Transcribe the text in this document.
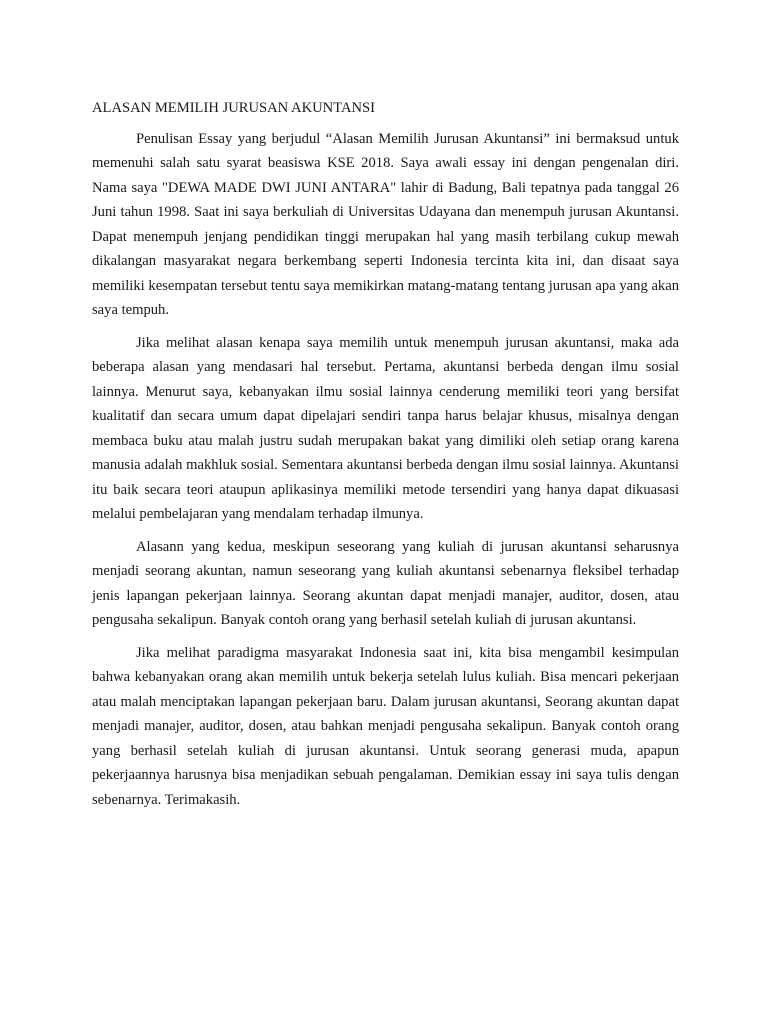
ALASAN MEMILIH JURUSAN AKUNTANSI

Penulisan Essay yang berjudul “Alasan Memilih Jurusan Akuntansi” ini bermaksud untuk memenuhi salah satu syarat beasiswa KSE 2018. Saya awali essay ini dengan pengenalan diri. Nama saya "DEWA MADE DWI JUNI ANTARA" lahir di Badung, Bali tepatnya pada tanggal 26 Juni tahun 1998. Saat ini saya berkuliah di Universitas Udayana dan menempuh jurusan Akuntansi. Dapat menempuh jenjang pendidikan tinggi merupakan hal yang masih terbilang cukup mewah dikalangan masyarakat negara berkembang seperti Indonesia tercinta kita ini, dan disaat saya memiliki kesempatan tersebut tentu saya memikirkan matang-matang tentang jurusan apa yang akan saya tempuh.

Jika melihat alasan kenapa saya memilih untuk menempuh jurusan akuntansi, maka ada beberapa alasan yang mendasari hal tersebut. Pertama, akuntansi berbeda dengan ilmu sosial lainnya. Menurut saya, kebanyakan ilmu sosial lainnya cenderung memiliki teori yang bersifat kualitatif dan secara umum dapat dipelajari sendiri tanpa harus belajar khusus, misalnya dengan membaca buku atau malah justru sudah merupakan bakat yang dimiliki oleh setiap orang karena manusia adalah makhluk sosial. Sementara akuntansi berbeda dengan ilmu sosial lainnya. Akuntansi itu baik secara teori ataupun aplikasinya memiliki metode tersendiri yang hanya dapat dikuasasi melalui pembelajaran yang mendalam terhadap ilmunya.

Alasann yang kedua, meskipun seseorang yang kuliah di jurusan akuntansi seharusnya menjadi seorang akuntan, namun seseorang yang kuliah akuntansi sebenarnya fleksibel terhadap jenis lapangan pekerjaan lainnya. Seorang akuntan dapat menjadi manajer, auditor, dosen, atau pengusaha sekalipun. Banyak contoh orang yang berhasil setelah kuliah di jurusan akuntansi.

Jika melihat paradigma masyarakat Indonesia saat ini, kita bisa mengambil kesimpulan bahwa kebanyakan orang akan memilih untuk bekerja setelah lulus kuliah. Bisa mencari pekerjaan atau malah menciptakan lapangan pekerjaan baru. Dalam jurusan akuntansi, Seorang akuntan dapat menjadi manajer, auditor, dosen, atau bahkan menjadi pengusaha sekalipun. Banyak contoh orang yang berhasil setelah kuliah di jurusan akuntansi. Untuk seorang generasi muda, apapun pekerjaannya harusnya bisa menjadikan sebuah pengalaman. Demikian essay ini saya tulis dengan sebenarnya. Terimakasih.
